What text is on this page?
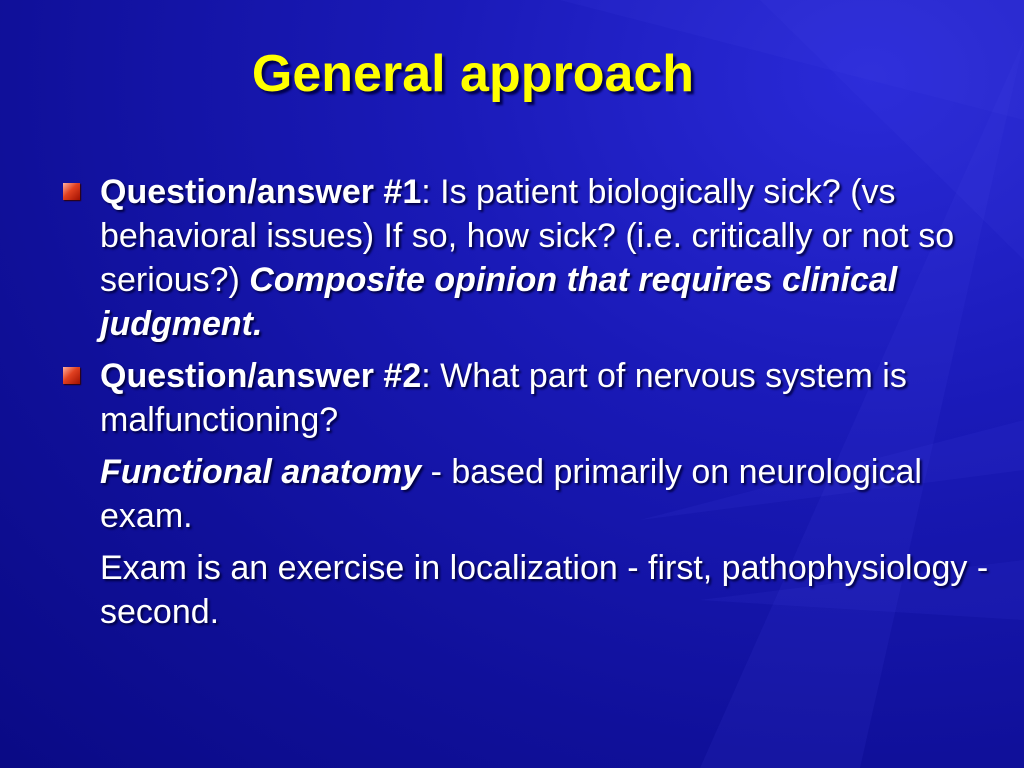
General approach
Question/answer #1: Is patient biologically sick? (vs behavioral issues) If so, how sick? (i.e. critically or not so serious?) Composite opinion that requires clinical judgment.
Question/answer #2: What part of nervous system is malfunctioning?
Functional anatomy - based primarily on neurological exam.
Exam is an exercise in localization - first, pathophysiology - second.
